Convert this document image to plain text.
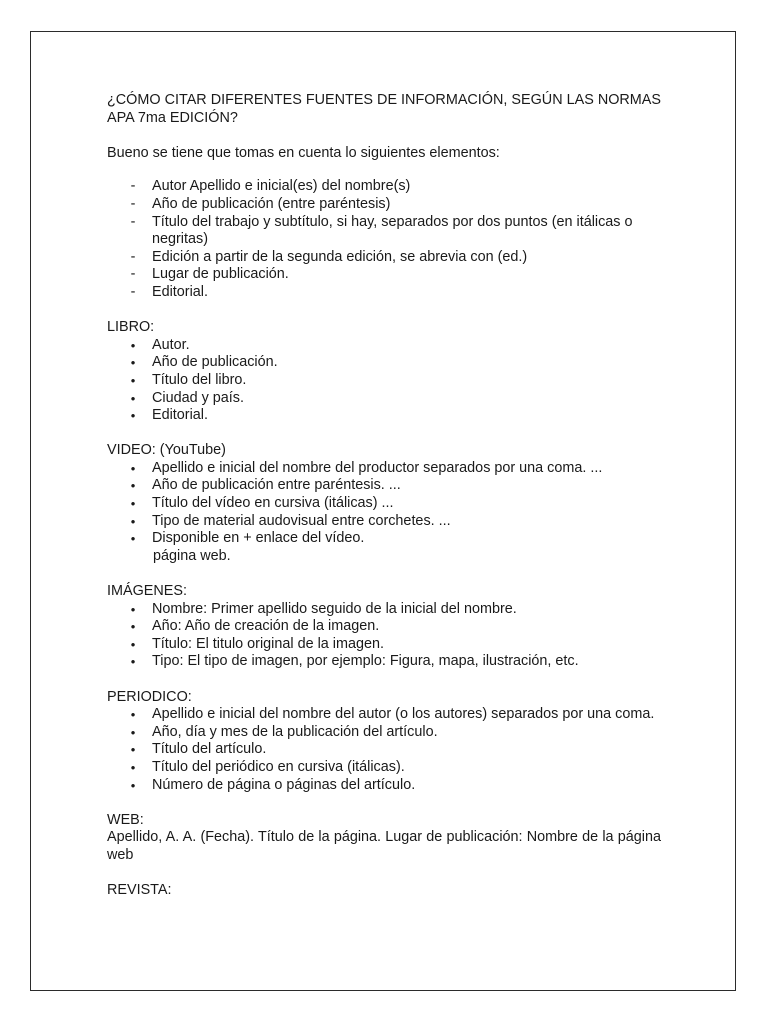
¿CÓMO CITAR DIFERENTES FUENTES DE INFORMACIÓN, SEGÚN LAS NORMAS APA 7ma EDICIÓN?

Bueno se tiene que tomas en cuenta lo siguientes elementos:

- Autor Apellido e inicial(es) del nombre(s)
- Año de publicación (entre paréntesis)
- Título del trabajo y subtítulo, si hay, separados por dos puntos (en itálicas o negritas)
- Edición a partir de la segunda edición, se abrevia con (ed.)
- Lugar de publicación.
- Editorial.

LIBRO:

• Autor.
• Año de publicación.
• Título del libro.
• Ciudad y país.
• Editorial.

VIDEO: (YouTube)

• Apellido e inicial del nombre del productor separados por una coma. ...
• Año de publicación entre paréntesis. ...
• Título del vídeo en cursiva (itálicas) ...
• Tipo de material audovisual entre corchetes. ...
• Disponible en + enlace del vídeo.

página web.

IMÁGENES:

• Nombre: Primer apellido seguido de la inicial del nombre.
• Año: Año de creación de la imagen.
• Título: El titulo original de la imagen.
• Tipo: El tipo de imagen, por ejemplo: Figura, mapa, ilustración, etc.

PERIODICO:

• Apellido e inicial del nombre del autor (o los autores) separados por una coma.
• Año, día y mes de la publicación del artículo.
• Título del artículo.
• Título del periódico en cursiva (itálicas).
• Número de página o páginas del artículo.

WEB:

Apellido, A. A. (Fecha). Título de la página. Lugar de publicación: Nombre de la página web

REVISTA:
